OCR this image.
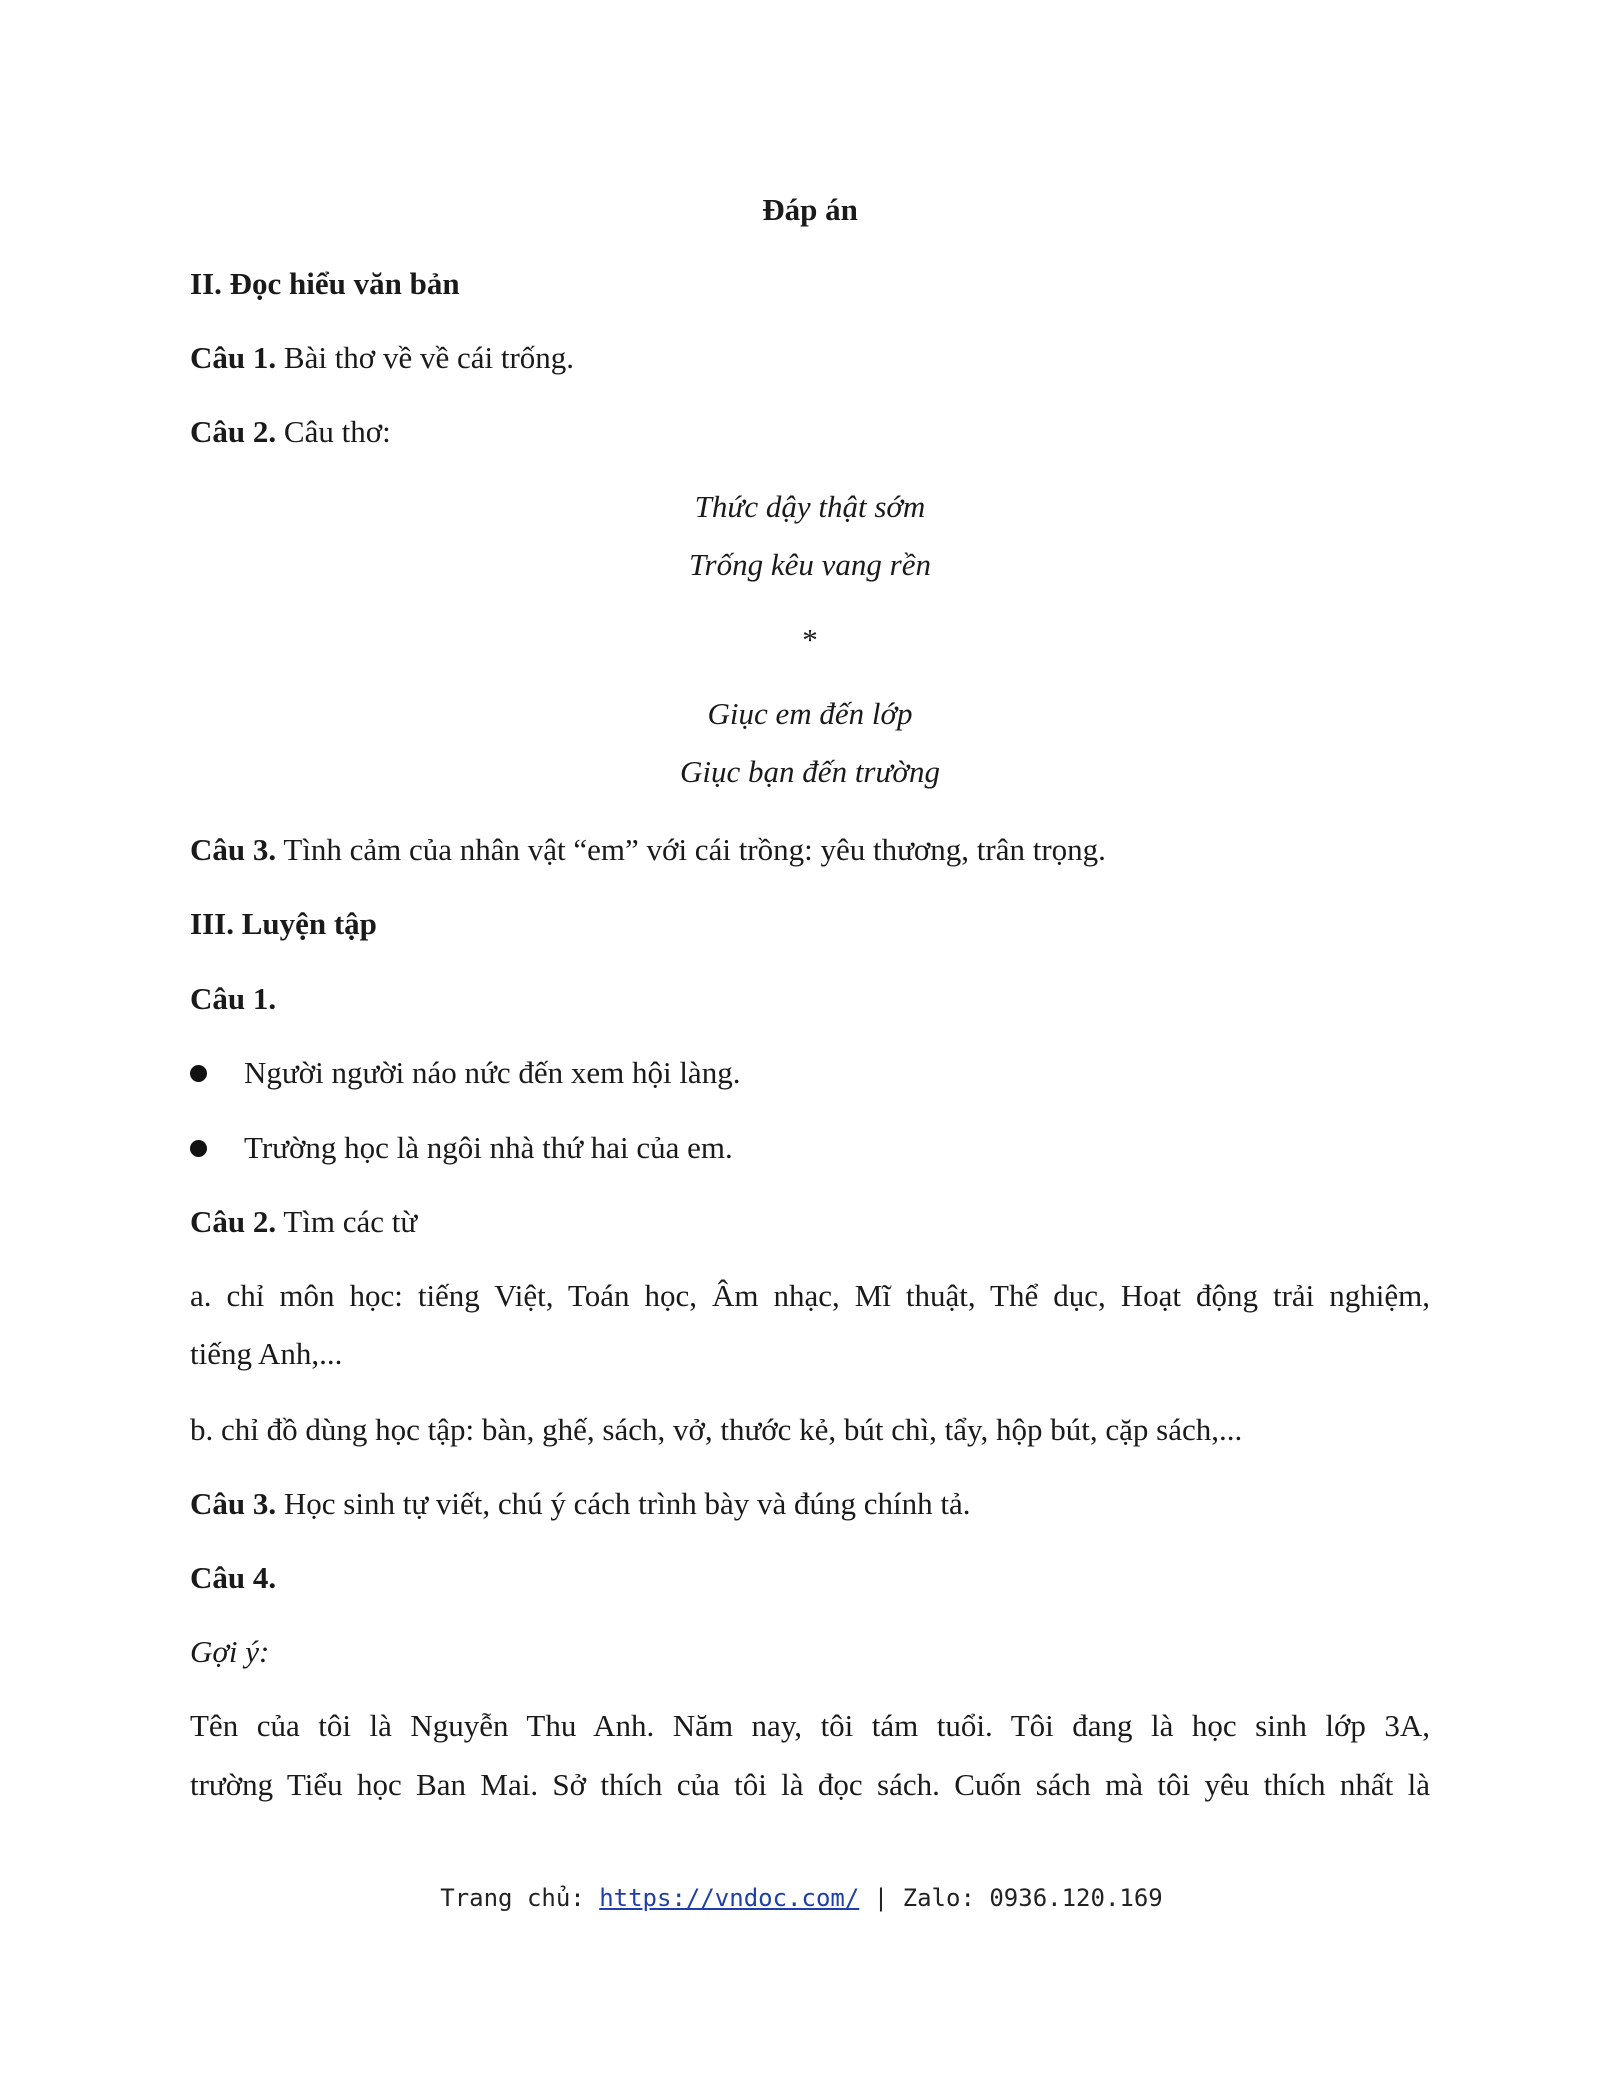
Đáp án
II. Đọc hiểu văn bản
Câu 1. Bài thơ về về cái trống.
Câu 2. Câu thơ:
Thức dậy thật sớm
Trống kêu vang rền
*
Giục em đến lớp
Giục bạn đến trường
Câu 3. Tình cảm của nhân vật “em” với cái trồng: yêu thương, trân trọng.
III. Luyện tập
Câu 1.
Người người náo nức đến xem hội làng.
Trường học là ngôi nhà thứ hai của em.
Câu 2. Tìm các từ
a. chỉ môn học: tiếng Việt, Toán học, Âm nhạc, Mĩ thuật, Thể dục, Hoạt động trải nghiệm,
tiếng Anh,...
b. chỉ đồ dùng học tập: bàn, ghế, sách, vở, thước kẻ, bút chì, tẩy, hộp bút, cặp sách,...
Câu 3. Học sinh tự viết, chú ý cách trình bày và đúng chính tả.
Câu 4.
Gợi ý:
Tên của tôi là Nguyễn Thu Anh. Năm nay, tôi tám tuổi. Tôi đang là học sinh lớp 3A,
trường Tiểu học Ban Mai. Sở thích của tôi là đọc sách. Cuốn sách mà tôi yêu thích nhất là
Trang chủ: https://vndoc.com/ | Zalo: 0936.120.169
